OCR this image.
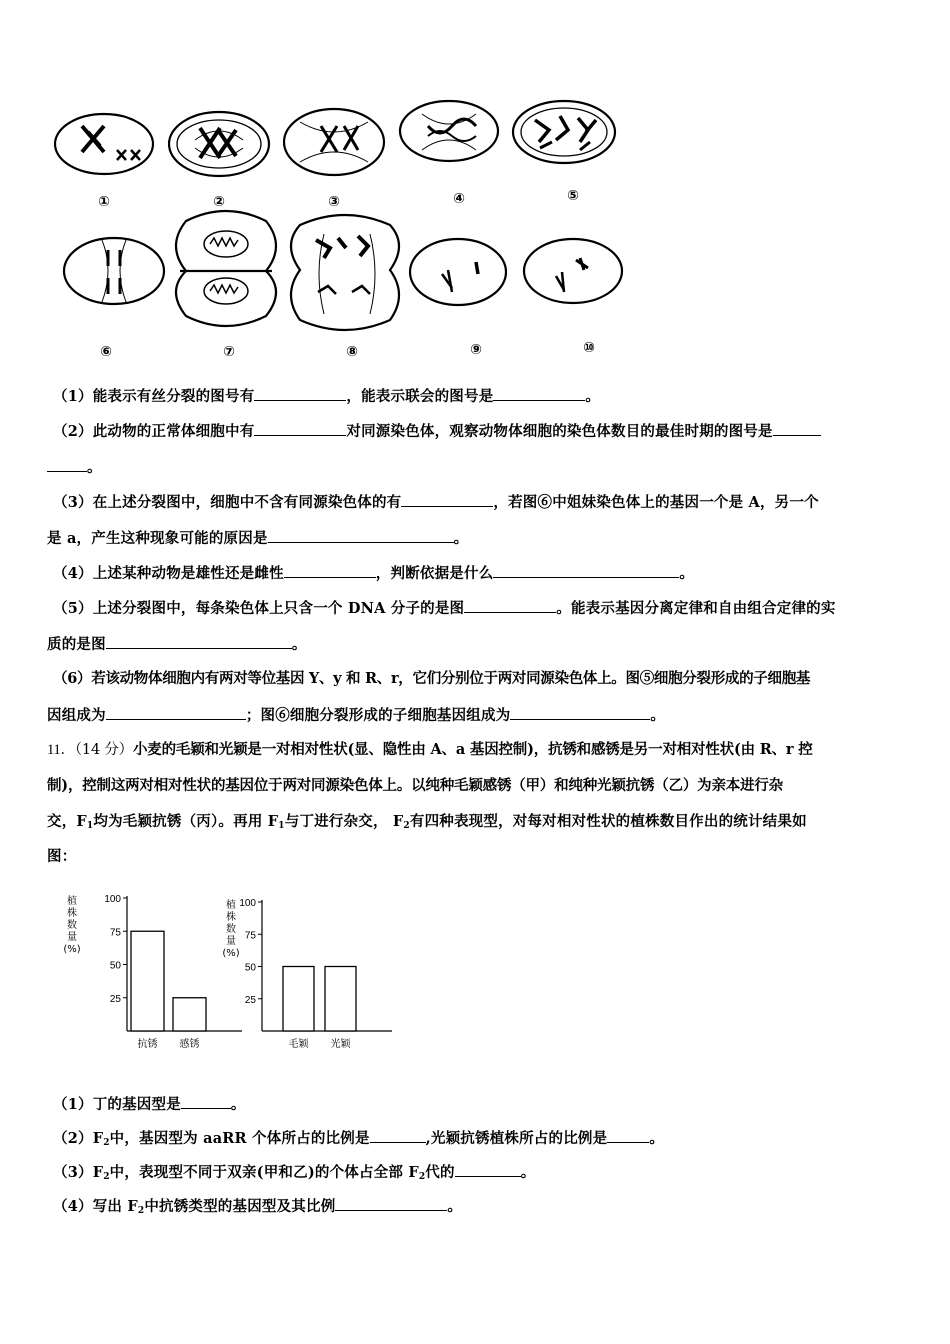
①	②	③	④	⑤
⑥	⑦	⑧	⑨	⑩
（1）能表示有丝分裂的图号有	，能表示联会的图号是	。
（2）此动物的正常体细胞中有	对同源染色体，观察动物体细胞的染色体数目的最佳时期的图号是
。
（3）在上述分裂图中，细胞中不含有同源染色体的有	，若图⑥中姐妹染色体上的基因一个是 A，另一个
是 a，产生这种现象可能的原因是	。
（4）上述某种动物是雄性还是雌性	，判断依据是什么	。
（5）上述分裂图中，每条染色体上只含一个 DNA 分子的是图	。能表示基因分离定律和自由组合定律的实
质的是图	。
（6）若该动物体细胞内有两对等位基因 Y、y 和 R、r，它们分别位于两对同源染色体上。图⑤细胞分裂形成的子细胞基
因组成为	；图⑥细胞分裂形成的子细胞基因组成为	。
11．（14 分）小麦的毛颖和光颖是一对相对性状(显、隐性由 A、a 基因控制)，抗锈和感锈是另一对相对性状(由 R、r 控
制)，控制这两对相对性状的基因位于两对同源染色体上。以纯种毛颖感锈（甲）和纯种光颖抗锈（乙）为亲本进行杂
交，$F_1$均为毛颖抗锈（丙）。再用 $F_1$与丁进行杂交， $F_2$有四种表现型，对每对相对性状的植株数目作出的统计结果如
图：
100
75
50
25
植
株
数
量
(%)
抗锈 感锈
100
75
50
25
植
株
数
量
(%)
毛颖 光颖
（1）丁的基因型是	。
$(2)F_2$中，基因型为 aaRR 个体所占的比例是	,光颖抗锈植株所占的比例是	。
$(3)F_2$中，表现型不同于双亲(甲和乙)的个体占全部 $F_2$代的	。
（4）写出 $F_2$中抗锈类型的基因型及其比例	。
